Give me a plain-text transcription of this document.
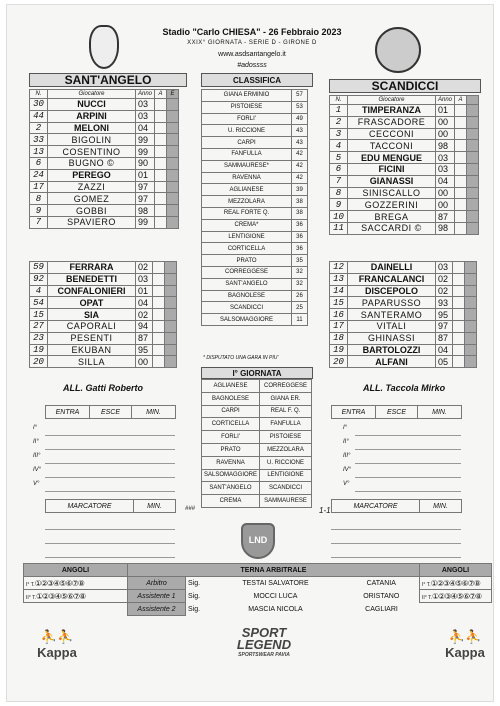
Stadio "Carlo CHIESA" - 26 Febbraio 2023
XXIX° GIORNATA - SERIE D - GIRONE D
www.asdsantangelo.it
#adossss
SANT'ANGELO	CLASSIFICA	SCANDICCI
N.	Giocatore	Anno	A	E
30	NUCCI	03		
44	ARPINI	03		
2	MELONI	04		
33	BIGOLIN	99		
13	COSENTINO	99		
6	BUGNO ©	90		
24	PEREGO	01		
17	ZAZZI	97		
8	GOMEZ	97		
9	GOBBI	98		
7	SPAVIERO	99		
59	FERRARA	02		
92	BENEDETTI	03		
4	CONFALONIERI	01		
54	OPAT	04		
15	SIA	02		
27	CAPORALI	94		
23	PESENTI	87		
19	EKUBAN	95		
20	SILLA	00		
ALL. Gatti Roberto
N.	Giocatore	Anno	A	
1	TIMPERANZA	01		
2	FRASCADORE	00		
3	CECCONI	00		
4	TACCONI	98		
5	EDU MENGUE	03		
6	FICINI	03		
7	GIANASSI	04		
8	SINISCALLO	00		
9	GOZZERINI	00		
10	BREGA	87		
11	SACCARDI ©	98		
12	DAINELLI	03		
13	FRANCALANCI	02		
14	DISCEPOLO	02		
15	PAPARUSSO	93		
16	SANTERAMO	95		
17	VITALI	97		
18	GHINASSI	87		
19	BARTOLOZZI	04		
20	ALFANI	05		
ALL. Taccola Mirko
GIANA ERMINIO	57
PISTOIESE	53
FORLI'	49
U. RICCIONE	43
CARPI	43
FANFULLA	42
SAMMAURESE*	42
RAVENNA	42
AGLIANESE	39
MEZZOLARA	38
REAL FORTE Q.	38
CREMA*	36
LENTIGIONE	36
CORTICELLA	36
PRATO	35
CORREGGESE	32
SANT'ANGELO	32
BAGNOLESE	26
SCANDICCI	25
SALSOMAGGIORE	11
* DISPUTATO UNA GARA IN PIU'
I° GIORNATA
AGLIANESE	CORREGGESE
BAGNOLESE	GIANA ER.
CARPI	REAL F. Q.
CORTICELLA	FANFULLA
FORLI'	PISTOIESE
PRATO	MEZZOLARA
RAVENNA	U. RICCIONE
SALSOMAGGIORE	LENTIGIONE
SANT'ANGELO	SCANDICCI
CREMA	SAMMAURESE
###	1-1
ENTRA	ESCE	MIN.	ENTRA	ESCE	MIN.
I°	I°
II°	II°
III°	III°
IV°	IV°
V°	V°
MARCATORE	MIN.	MARCATORE	MIN.
LND
ANGOLI	TERNA ARBITRALE				ANGOLI
I° T.①②③④⑤⑥⑦⑧	Arbitro	Sig.	TESTAI SALVATORE	CATANIA	I° T.①②③④⑤⑥⑦⑧
II° T.①②③④⑤⑥⑦⑧	Assistente 1	Sig.	MOCCI LUCA	ORISTANO	II° T.①②③④⑤⑥⑦⑧
	Assistente 2	Sig.	MASCIA NICOLA	CAGLIARI	
⛹⛹
Kappa
⛹⛹
Kappa
SPORT
LEGEND
SPORTSWEAR PAVIA
